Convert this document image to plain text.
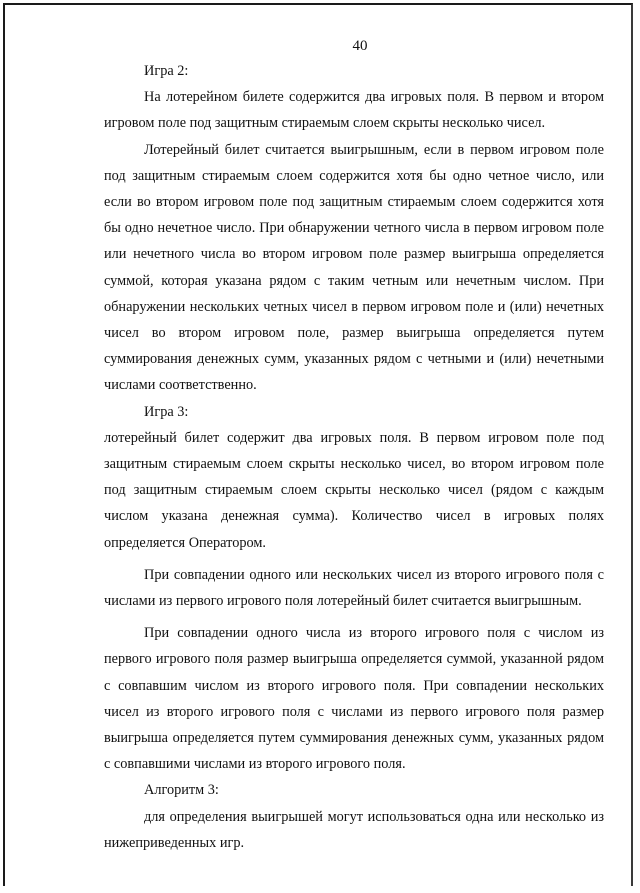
40
Игра 2:

На лотерейном билете содержится два игровых поля. В первом и втором игровом поле под защитным стираемым слоем скрыты несколько чисел.

Лотерейный билет считается выигрышным, если в первом игровом поле под защитным стираемым слоем содержится хотя бы одно четное число, или если во втором игровом поле под защитным стираемым слоем содержится хотя бы одно нечетное число. При обнаружении четного числа в первом игровом поле или нечетного числа во втором игровом поле размер выигрыша определяется суммой, которая указана рядом с таким четным или нечетным числом. При обнаружении нескольких четных чисел в первом игровом поле и (или) нечетных чисел во втором игровом поле, размер выигрыша определяется путем суммирования денежных сумм, указанных рядом с четными и (или) нечетными числами соответственно.

Игра 3:

лотерейный билет содержит два игровых поля. В первом игровом поле под защитным стираемым слоем скрыты несколько чисел, во втором игровом поле под защитным стираемым слоем скрыты несколько чисел (рядом с каждым числом указана денежная сумма). Количество чисел в игровых полях определяется Оператором.

При совпадении одного или нескольких чисел из второго игрового поля с числами из первого игрового поля лотерейный билет считается выигрышным.

При совпадении одного числа из второго игрового поля с числом из первого игрового поля размер выигрыша определяется суммой, указанной рядом с совпавшим числом из второго игрового поля. При совпадении нескольких чисел из второго игрового поля с числами из первого игрового поля размер выигрыша определяется путем суммирования денежных сумм, указанных рядом с совпавшими числами из второго игрового поля.

Алгоритм 3:

для определения выигрышей могут использоваться одна или несколько из нижеприведенных игр.
